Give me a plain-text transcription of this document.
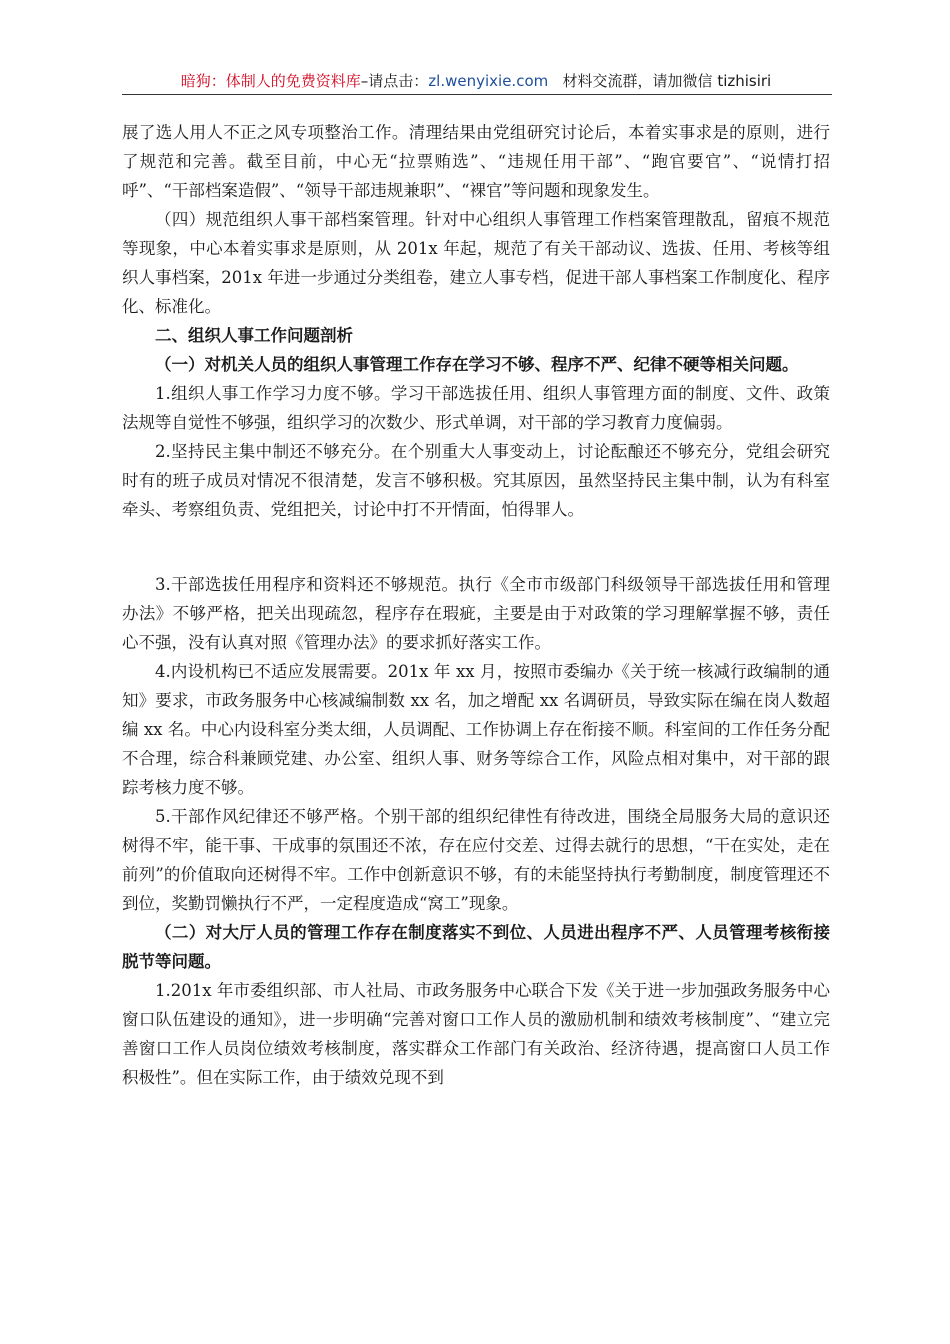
暗狗：体制人的免费资料库–请点击：zl.wenyixie.com 材料交流群，请加微信 tizhisiri

展了选人用人不正之风专项整治工作。清理结果由党组研究讨论后，本着实事求是的原则，进行了规范和完善。截至目前，中心无“拉票贿选”、“违规任用干部”、“跑官要官”、“说情打招呼”、“干部档案造假”、“领导干部违规兼职”、“裸官”等问题和现象发生。

（四）规范组织人事干部档案管理。针对中心组织人事管理工作档案管理散乱，留痕不规范等现象，中心本着实事求是原则，从 201x 年起，规范了有关干部动议、选拔、任用、考核等组织人事档案，201x 年进一步通过分类组卷，建立人事专档，促进干部人事档案工作制度化、程序化、标准化。

二、组织人事工作问题剖析

（一）对机关人员的组织人事管理工作存在学习不够、程序不严、纪律不硬等相关问题。

1.组织人事工作学习力度不够。学习干部选拔任用、组织人事管理方面的制度、文件、政策法规等自觉性不够强，组织学习的次数少、形式单调，对干部的学习教育力度偏弱。

2.坚持民主集中制还不够充分。在个别重大人事变动上，讨论酝酿还不够充分，党组会研究时有的班子成员对情况不很清楚，发言不够积极。究其原因，虽然坚持民主集中制，认为有科室牵头、考察组负责、党组把关，讨论中打不开情面，怕得罪人。

3.干部选拔任用程序和资料还不够规范。执行《全市市级部门科级领导干部选拔任用和管理办法》不够严格，把关出现疏忽，程序存在瑕疵，主要是由于对政策的学习理解掌握不够，责任心不强，没有认真对照《管理办法》的要求抓好落实工作。

4.内设机构已不适应发展需要。201x 年 xx 月，按照市委编办《关于统一核减行政编制的通知》要求，市政务服务中心核减编制数 xx 名，加之增配 xx 名调研员，导致实际在编在岗人数超编 xx 名。中心内设科室分类太细，人员调配、工作协调上存在衔接不顺。科室间的工作任务分配不合理，综合科兼顾党建、办公室、组织人事、财务等综合工作，风险点相对集中，对干部的跟踪考核力度不够。

5.干部作风纪律还不够严格。个别干部的组织纪律性有待改进，围绕全局服务大局的意识还树得不牢，能干事、干成事的氛围还不浓，存在应付交差、过得去就行的思想，“干在实处，走在前列”的价值取向还树得不牢。工作中创新意识不够，有的未能坚持执行考勤制度，制度管理还不到位，奖勤罚懒执行不严，一定程度造成“窝工”现象。

（二）对大厅人员的管理工作存在制度落实不到位、人员进出程序不严、人员管理考核衔接脱节等问题。

1.201x 年市委组织部、市人社局、市政务服务中心联合下发《关于进一步加强政务服务中心窗口队伍建设的通知》，进一步明确“完善对窗口工作人员的激励机制和绩效考核制度”、“建立完善窗口工作人员岗位绩效考核制度，落实群众工作部门有关政治、经济待遇，提高窗口人员工作积极性”。但在实际工作，由于绩效兑现不到
